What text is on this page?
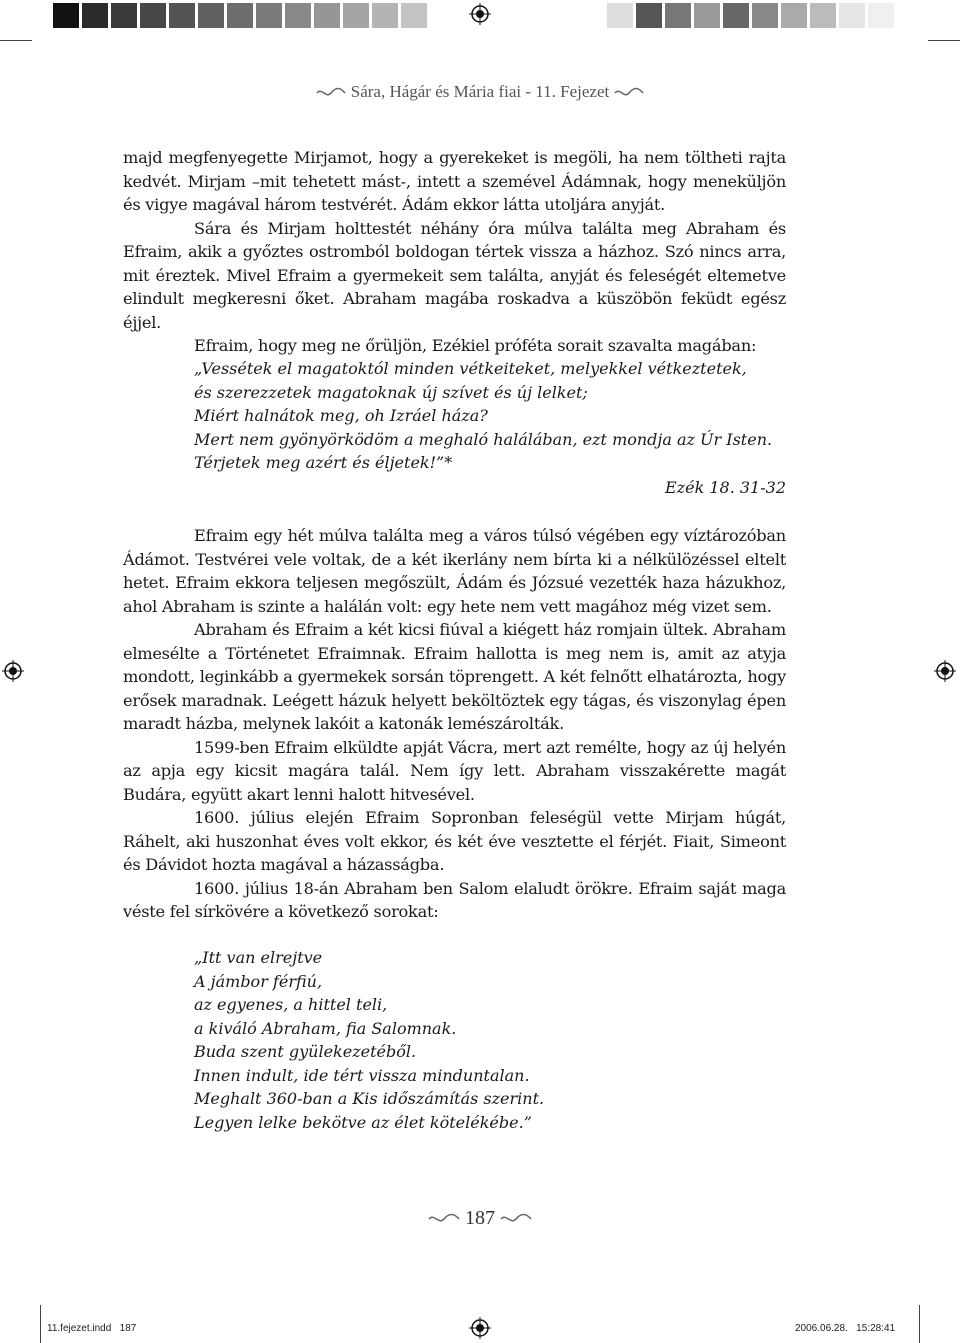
Sára, Hágár és Mária fiai - 11. Fejezet

majd megfenyegette Mirjamot, hogy a gyerekeket is megöli, ha nem töltheti rajta kedvét. Mirjam –mit tehetett mást-, intett a szemével Ádámnak, hogy meneküljön és vigye magával három testvérét. Ádám ekkor látta utoljára anyját.

Sára és Mirjam holttestét néhány óra múlva találta meg Abraham és Efraim, akik a győztes ostromból boldogan tértek vissza a házhoz. Szó nincs arra, mit éreztek. Mivel Efraim a gyermekeit sem találta, anyját és feleségét eltemetve elindult megkeresni őket. Abraham magába roskadva a küszöbön feküdt egész éjjel.

Efraim, hogy meg ne őrüljön, Ezékiel próféta sorait szavalta magában:

„Vessétek el magatoktól minden vétkeiteket, melyekkel vétkeztetek,
és szerezzetek magatoknak új szívet és új lelket;
Miért halnátok meg, oh Izráel háza?
Mert nem gyönyörködöm a meghaló halálában, ezt mondja az Úr Isten.
Térjetek meg azért és éljetek!”*
Ezék 18. 31-32

Efraim egy hét múlva találta meg a város túlsó végében egy víztározóban Ádámot. Testvérei vele voltak, de a két ikerlány nem bírta ki a nélkülözéssel eltelt hetet. Efraim ekkora teljesen megőszült, Ádám és Józsué vezették haza házukhoz, ahol Abraham is szinte a halálán volt: egy hete nem vett magához még vizet sem.

Abraham és Efraim a két kicsi fiúval a kiégett ház romjain ültek. Abraham elmesélte a Történetet Efraimnak. Efraim hallotta is meg nem is, amit az atyja mondott, leginkább a gyermekek sorsán töprengett. A két felnőtt elhatározta, hogy erősek maradnak. Leégett házuk helyett beköltöztek egy tágas, és viszonylag épen maradt házba, melynek lakóit a katonák lemészárolták.

1599-ben Efraim elküldte apját Vácra, mert azt remélte, hogy az új helyén az apja egy kicsit magára talál. Nem így lett. Abraham visszakérette magát Budára, együtt akart lenni halott hitvesével.

1600. július elején Efraim Sopronban feleségül vette Mirjam húgát, Ráhelt, aki huszonhat éves volt ekkor, és két éve vesztette el férjét. Fiait, Simeont és Dávidot hozta magával a házasságba.

1600. július 18-án Abraham ben Salom elaludt örökre. Efraim saját maga véste fel sírkövére a következő sorokat:

„Itt van elrejtve
A jámbor férfiú,
az egyenes, a hittel teli,
a kiváló Abraham, fia Salomnak.
Buda szent gyülekezetéből.
Innen indult, ide tért vissza minduntalan.
Meghalt 360-ban a Kis időszámítás szerint.
Legyen lelke bekötve az élet kötelékébe.”
187
11.fejezet.indd   187	2006.06.28.   15:28:41
